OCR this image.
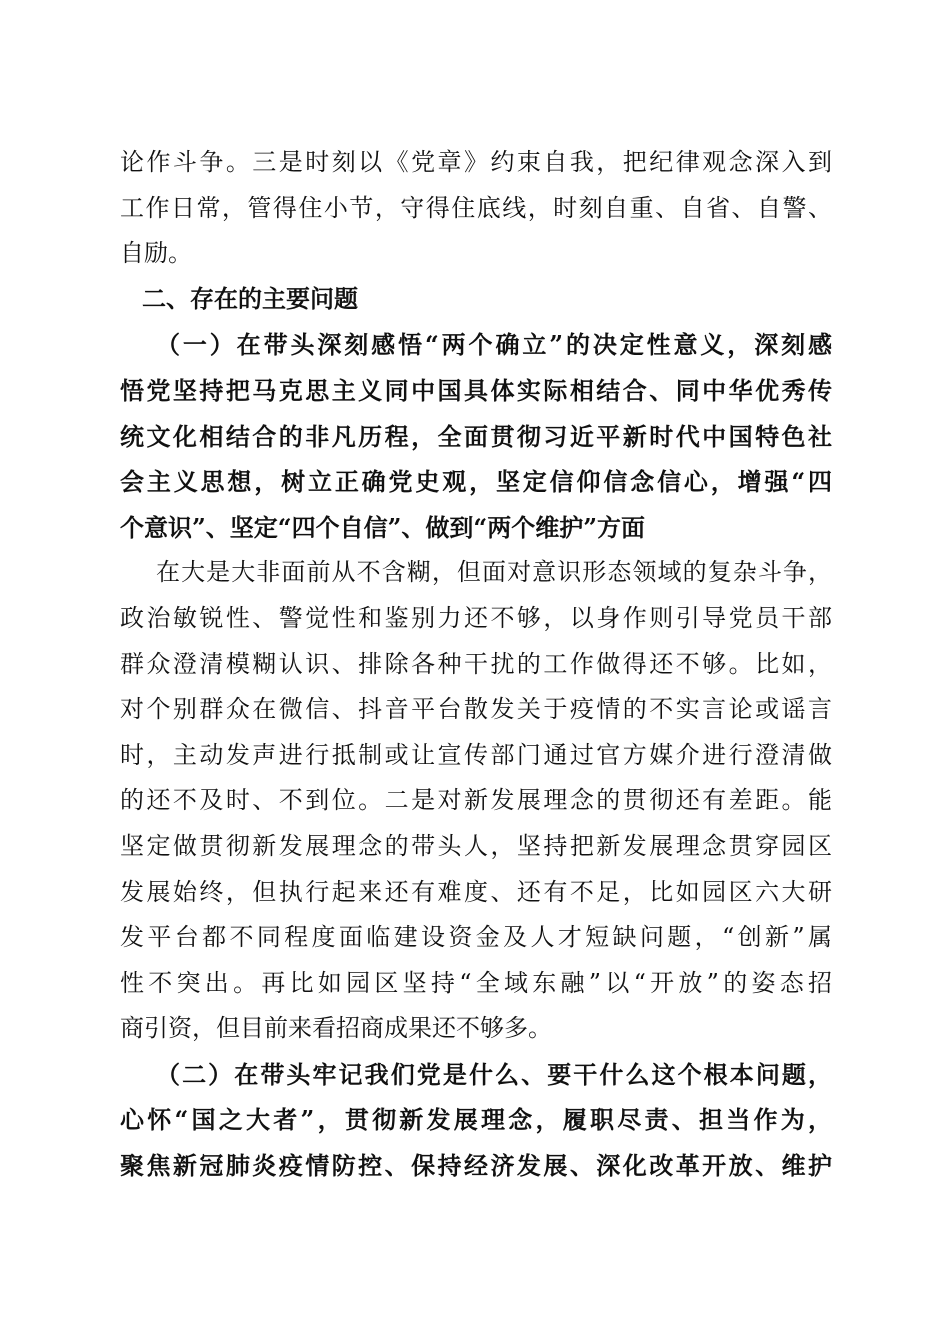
论作斗争。三是时刻以《党章》约束自我，把纪律观念深入到
工作日常，管得住小节，守得住底线，时刻自重、自省、自警、
自励。
二、存在的主要问题
（一）在带头深刻感悟“两个确立”的决定性意义，深刻感
悟党坚持把马克思主义同中国具体实际相结合、同中华优秀传
统文化相结合的非凡历程，全面贯彻习近平新时代中国特色社
会主义思想，树立正确党史观，坚定信仰信念信心，增强“四
个意识”、坚定“四个自信”、做到“两个维护”方面
在大是大非面前从不含糊，但面对意识形态领域的复杂斗争，
政治敏锐性、警觉性和鉴别力还不够，以身作则引导党员干部
群众澄清模糊认识、排除各种干扰的工作做得还不够。比如，
对个别群众在微信、抖音平台散发关于疫情的不实言论或谣言
时，主动发声进行抵制或让宣传部门通过官方媒介进行澄清做
的还不及时、不到位。二是对新发展理念的贯彻还有差距。能
坚定做贯彻新发展理念的带头人，坚持把新发展理念贯穿园区
发展始终，但执行起来还有难度、还有不足，比如园区六大研
发平台都不同程度面临建设资金及人才短缺问题，“创新”属
性不突出。再比如园区坚持“全域东融”以“开放”的姿态招
商引资，但目前来看招商成果还不够多。
（二）在带头牢记我们党是什么、要干什么这个根本问题，
心怀“国之大者”，贯彻新发展理念，履职尽责、担当作为，
聚焦新冠肺炎疫情防控、保持经济发展、深化改革开放、维护
